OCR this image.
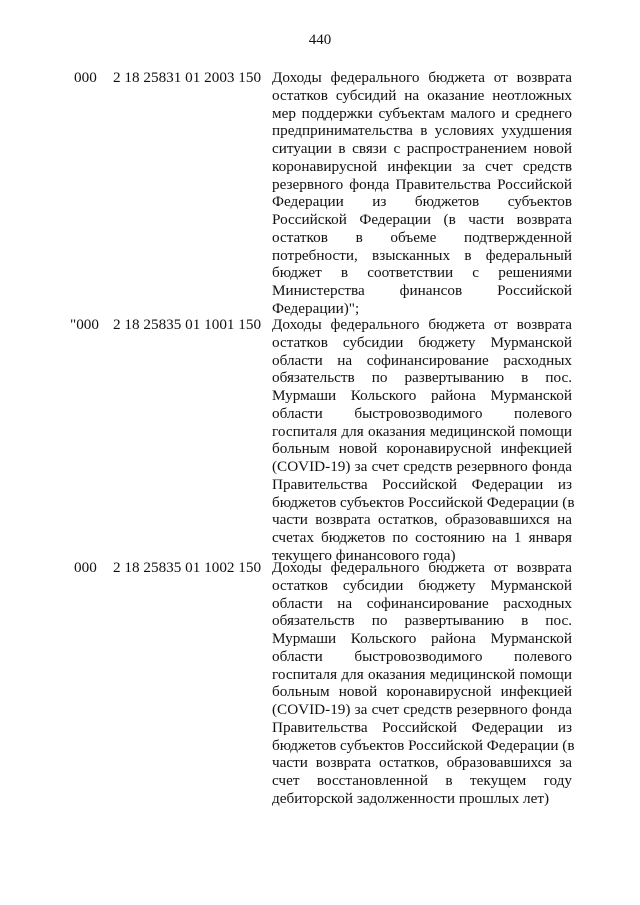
440
000 2 18 25831 01 2003 150 Доходы федерального бюджета от возврата
остатков субсидий на оказание неотложных
мер поддержки субъектам малого и среднего
предпринимательства в условиях ухудшения
ситуации в связи с распространением новой
коронавирусной инфекции за счет средств
резервного фонда Правительства Российской
Федерации из бюджетов субъектов
Российской Федерации (в части возврата
остатков в объеме подтвержденной
потребности, взысканных в федеральный
бюджет в соответствии с решениями
Министерства финансов Российской
Федерации)";
"000 2 18 25835 01 1001 150 Доходы федерального бюджета от возврата
остатков субсидии бюджету Мурманской
области на софинансирование расходных
обязательств по развертыванию в пос.
Мурмаши Кольского района Мурманской
области быстровозводимого полевого
госпиталя для оказания медицинской помощи
больным новой коронавирусной инфекцией
(COVID-19) за счет средств резервного фонда
Правительства Российской Федерации из
бюджетов субъектов Российской Федерации (в
части возврата остатков, образовавшихся на
счетах бюджетов по состоянию на 1 января
текущего финансового года)
000 2 18 25835 01 1002 150 Доходы федерального бюджета от возврата
остатков субсидии бюджету Мурманской
области на софинансирование расходных
обязательств по развертыванию в пос.
Мурмаши Кольского района Мурманской
области быстровозводимого полевого
госпиталя для оказания медицинской помощи
больным новой коронавирусной инфекцией
(COVID-19) за счет средств резервного фонда
Правительства Российской Федерации из
бюджетов субъектов Российской Федерации (в
части возврата остатков, образовавшихся за
счет восстановленной в текущем году
дебиторской задолженности прошлых лет)
